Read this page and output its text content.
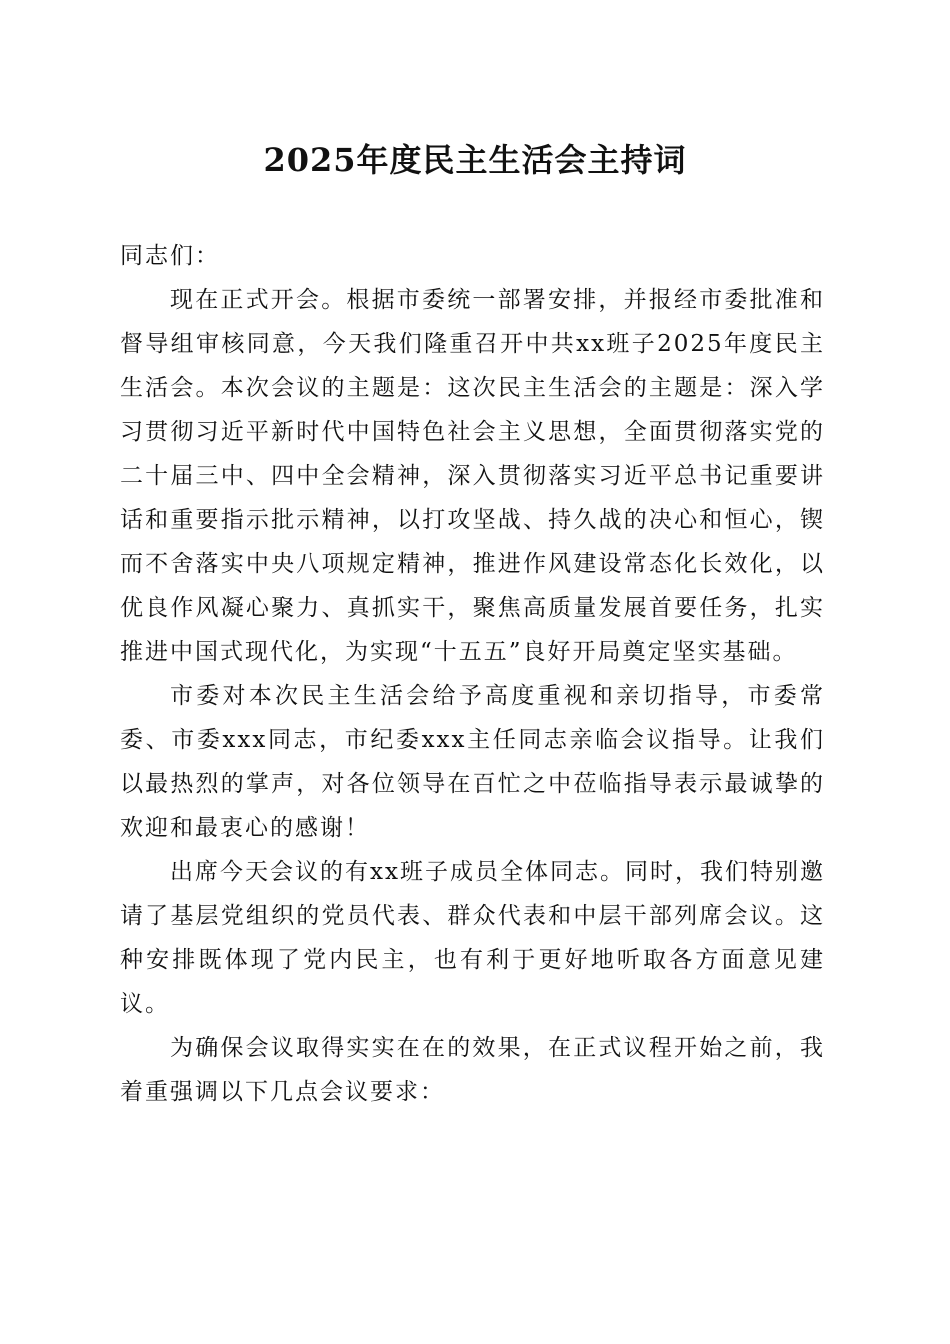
2025年度民主生活会主持词

同志们：

现在正式开会。根据市委统一部署安排，并报经市委批准和督导组审核同意，今天我们隆重召开中共xx班子2025年度民主生活会。本次会议的主题是：这次民主生活会的主题是：深入学习贯彻习近平新时代中国特色社会主义思想，全面贯彻落实党的二十届三中、四中全会精神，深入贯彻落实习近平总书记重要讲话和重要指示批示精神，以打攻坚战、持久战的决心和恒心，锲而不舍落实中央八项规定精神，推进作风建设常态化长效化，以优良作风凝心聚力、真抓实干，聚焦高质量发展首要任务，扎实推进中国式现代化，为实现“十五五”良好开局奠定坚实基础。

市委对本次民主生活会给予高度重视和亲切指导，市委常委、市委xxx同志，市纪委xxx主任同志亲临会议指导。让我们以最热烈的掌声，对各位领导在百忙之中莅临指导表示最诚挚的欢迎和最衷心的感谢！

出席今天会议的有xx班子成员全体同志。同时，我们特别邀请了基层党组织的党员代表、群众代表和中层干部列席会议。这种安排既体现了党内民主，也有利于更好地听取各方面意见建议。

为确保会议取得实实在在的效果，在正式议程开始之前，我着重强调以下几点会议要求：
